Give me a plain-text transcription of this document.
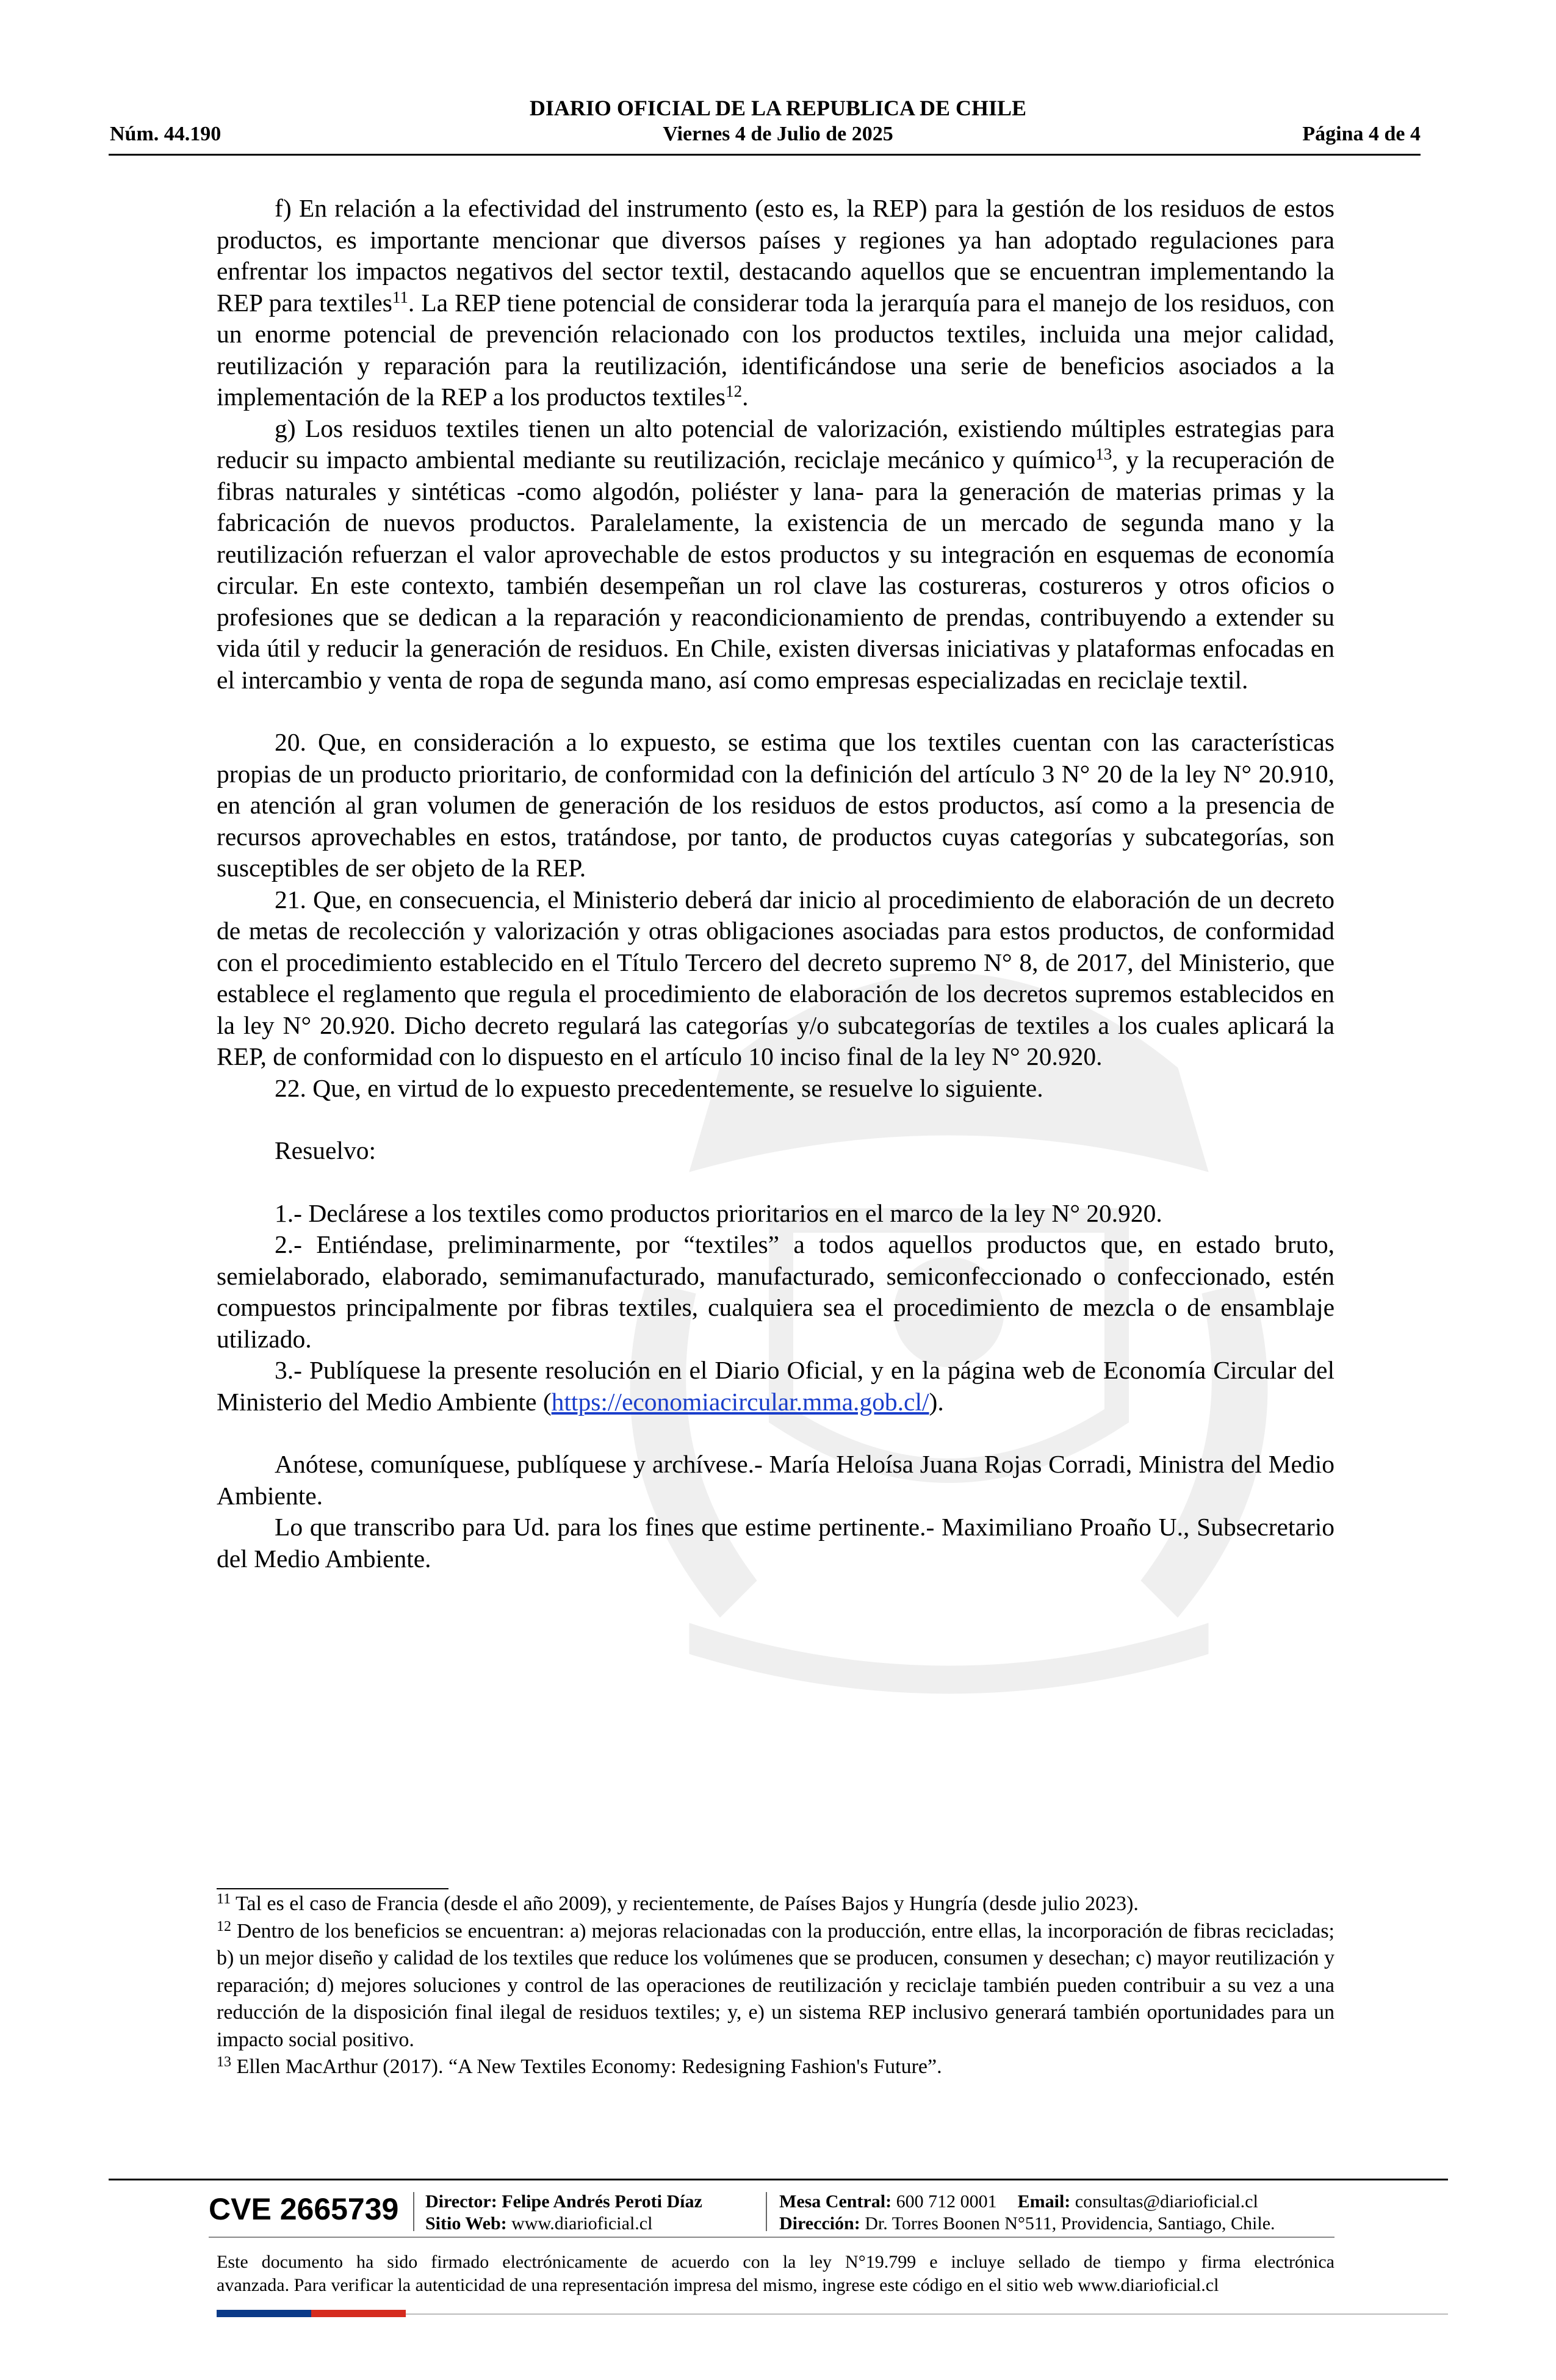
DIARIO OFICIAL DE LA REPUBLICA DE CHILE
Núm. 44.190	Viernes 4 de Julio de 2025	Página 4 de 4

f) En relación a la efectividad del instrumento (esto es, la REP) para la gestión de los residuos de estos productos, es importante mencionar que diversos países y regiones ya han adoptado regulaciones para enfrentar los impactos negativos del sector textil, destacando aquellos que se encuentran implementando la REP para textiles$^{11}$. La REP tiene potencial de considerar toda la jerarquía para el manejo de los residuos, con un enorme potencial de prevención relacionado con los productos textiles, incluida una mejor calidad, reutilización y reparación para la reutilización, identificándose una serie de beneficios asociados a la implementación de la REP a los productos textiles$^{12}$.

g) Los residuos textiles tienen un alto potencial de valorización, existiendo múltiples estrategias para reducir su impacto ambiental mediante su reutilización, reciclaje mecánico y químico$^{13}$, y la recuperación de fibras naturales y sintéticas -como algodón, poliéster y lana- para la generación de materias primas y la fabricación de nuevos productos. Paralelamente, la existencia de un mercado de segunda mano y la reutilización refuerzan el valor aprovechable de estos productos y su integración en esquemas de economía circular. En este contexto, también desempeñan un rol clave las costureras, costureros y otros oficios o profesiones que se dedican a la reparación y reacondicionamiento de prendas, contribuyendo a extender su vida útil y reducir la generación de residuos. En Chile, existen diversas iniciativas y plataformas enfocadas en el intercambio y venta de ropa de segunda mano, así como empresas especializadas en reciclaje textil.

20. Que, en consideración a lo expuesto, se estima que los textiles cuentan con las características propias de un producto prioritario, de conformidad con la definición del artículo 3 N° 20 de la ley N° 20.910, en atención al gran volumen de generación de los residuos de estos productos, así como a la presencia de recursos aprovechables en estos, tratándose, por tanto, de productos cuyas categorías y subcategorías, son susceptibles de ser objeto de la REP.

21. Que, en consecuencia, el Ministerio deberá dar inicio al procedimiento de elaboración de un decreto de metas de recolección y valorización y otras obligaciones asociadas para estos productos, de conformidad con el procedimiento establecido en el Título Tercero del decreto supremo N° 8, de 2017, del Ministerio, que establece el reglamento que regula el procedimiento de elaboración de los decretos supremos establecidos en la ley N° 20.920. Dicho decreto regulará las categorías y/o subcategorías de textiles a los cuales aplicará la REP, de conformidad con lo dispuesto en el artículo 10 inciso final de la ley N° 20.920.

22. Que, en virtud de lo expuesto precedentemente, se resuelve lo siguiente.

Resuelvo:

1.- Declárese a los textiles como productos prioritarios en el marco de la ley N° 20.920.

2.- Entiéndase, preliminarmente, por “textiles” a todos aquellos productos que, en estado bruto, semielaborado, elaborado, semimanufacturado, manufacturado, semiconfeccionado o confeccionado, estén compuestos principalmente por fibras textiles, cualquiera sea el procedimiento de mezcla o de ensamblaje utilizado.

3.- Publíquese la presente resolución en el Diario Oficial, y en la página web de Economía Circular del Ministerio del Medio Ambiente (https://economiacircular.mma.gob.cl/).

Anótese, comuníquese, publíquese y archívese.- María Heloísa Juana Rojas Corradi, Ministra del Medio Ambiente.

Lo que transcribo para Ud. para los fines que estime pertinente.- Maximiliano Proaño U., Subsecretario del Medio Ambiente.

$^{11}$ Tal es el caso de Francia (desde el año 2009), y recientemente, de Países Bajos y Hungría (desde julio 2023).

$^{12}$ Dentro de los beneficios se encuentran: a) mejoras relacionadas con la producción, entre ellas, la incorporación de fibras recicladas; b) un mejor diseño y calidad de los textiles que reduce los volúmenes que se producen, consumen y desechan; c) mayor reutilización y reparación; d) mejores soluciones y control de las operaciones de reutilización y reciclaje también pueden contribuir a su vez a una reducción de la disposición final ilegal de residuos textiles; y, e) un sistema REP inclusivo generará también oportunidades para un impacto social positivo.

$^{13}$ Ellen MacArthur (2017). “A New Textiles Economy: Redesigning Fashion's Future”.

CVE 2665739 Director: Felipe Andrés Peroti Díaz
Sitio Web: www.diarioficial.cl
Mesa Central: 600 712 0001 Email: consultas@diarioficial.cl
Dirección: Dr. Torres Boonen N°511, Providencia, Santiago, Chile.

Este documento ha sido firmado electrónicamente de acuerdo con la ley N°19.799 e incluye sellado de tiempo y firma electrónica

avanzada. Para verificar la autenticidad de una representación impresa del mismo, ingrese este código en el sitio web www.diarioficial.cl
